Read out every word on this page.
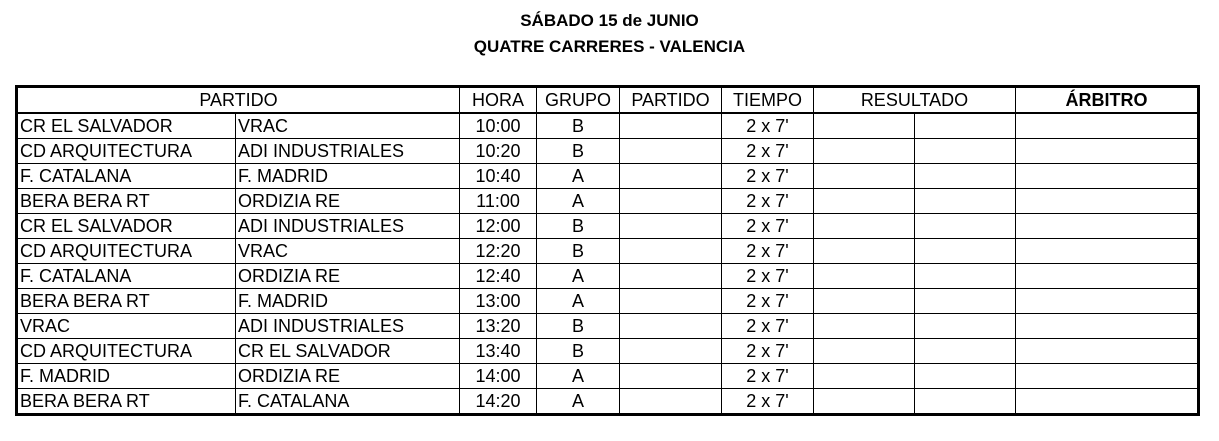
SÁBADO 15 de JUNIO
QUATRE CARRERES - VALENCIA
PARTIDO		HORA	GRUPO	PARTIDO	TIEMPO	RESULTADO		ÁRBITRO
CR EL SALVADOR	VRAC	10:00	B		2 x 7'			
CD ARQUITECTURA	ADI INDUSTRIALES	10:20	B		2 x 7'			
F. CATALANA	F. MADRID	10:40	A		2 x 7'			
BERA BERA RT	ORDIZIA RE	11:00	A		2 x 7'			
CR EL SALVADOR	ADI INDUSTRIALES	12:00	B		2 x 7'			
CD ARQUITECTURA	VRAC	12:20	B		2 x 7'			
F. CATALANA	ORDIZIA RE	12:40	A		2 x 7'			
BERA BERA RT	F. MADRID	13:00	A		2 x 7'			
VRAC	ADI INDUSTRIALES	13:20	B		2 x 7'			
CD ARQUITECTURA	CR EL SALVADOR	13:40	B		2 x 7'			
F. MADRID	ORDIZIA RE	14:00	A		2 x 7'			
BERA BERA RT	F. CATALANA	14:20	A		2 x 7'			
